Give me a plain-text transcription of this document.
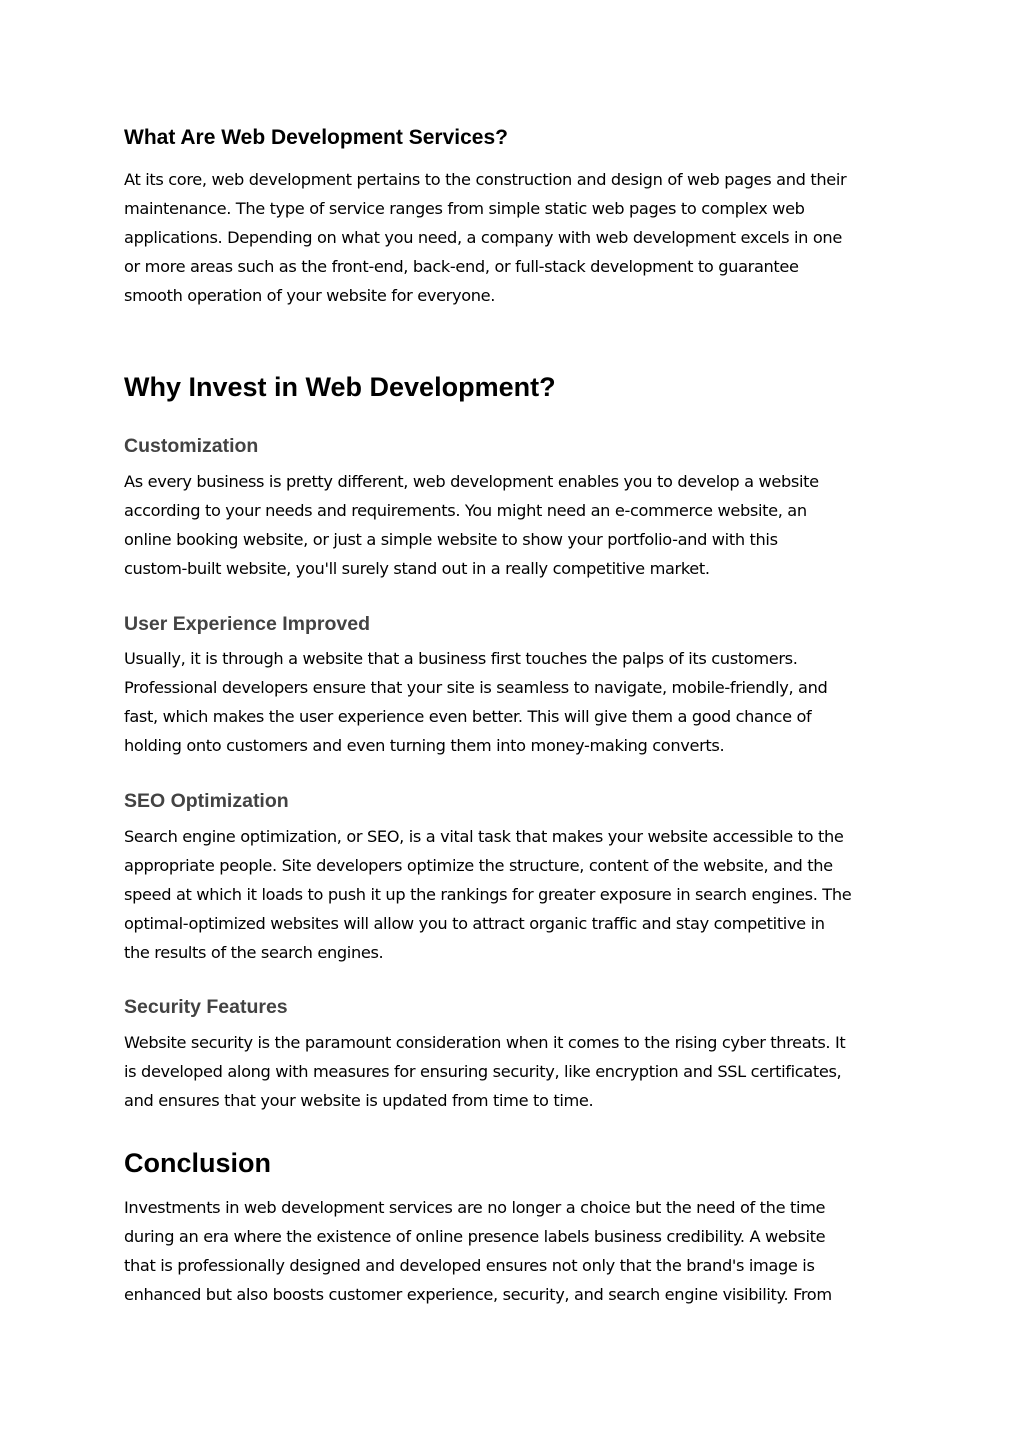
What Are Web Development Services?

At its core, web development pertains to the construction and design of web pages and their
maintenance. The type of service ranges from simple static web pages to complex web
applications. Depending on what you need, a company with web development excels in one
or more areas such as the front-end, back-end, or full-stack development to guarantee
smooth operation of your website for everyone.

Why Invest in Web Development?
Customization

As every business is pretty different, web development enables you to develop a website
according to your needs and requirements. You might need an e-commerce website, an
online booking website, or just a simple website to show your portfolio-and with this
custom-built website, you'll surely stand out in a really competitive market.

User Experience Improved

Usually, it is through a website that a business first touches the palps of its customers.
Professional developers ensure that your site is seamless to navigate, mobile-friendly, and
fast, which makes the user experience even better. This will give them a good chance of
holding onto customers and even turning them into money-making converts.

SEO Optimization

Search engine optimization, or SEO, is a vital task that makes your website accessible to the
appropriate people. Site developers optimize the structure, content of the website, and the
speed at which it loads to push it up the rankings for greater exposure in search engines. The
optimal-optimized websites will allow you to attract organic traffic and stay competitive in
the results of the search engines.

Security Features

Website security is the paramount consideration when it comes to the rising cyber threats. It
is developed along with measures for ensuring security, like encryption and SSL certificates,
and ensures that your website is updated from time to time.

Conclusion

Investments in web development services are no longer a choice but the need of the time
during an era where the existence of online presence labels business credibility. A website
that is professionally designed and developed ensures not only that the brand's image is
enhanced but also boosts customer experience, security, and search engine visibility. From
